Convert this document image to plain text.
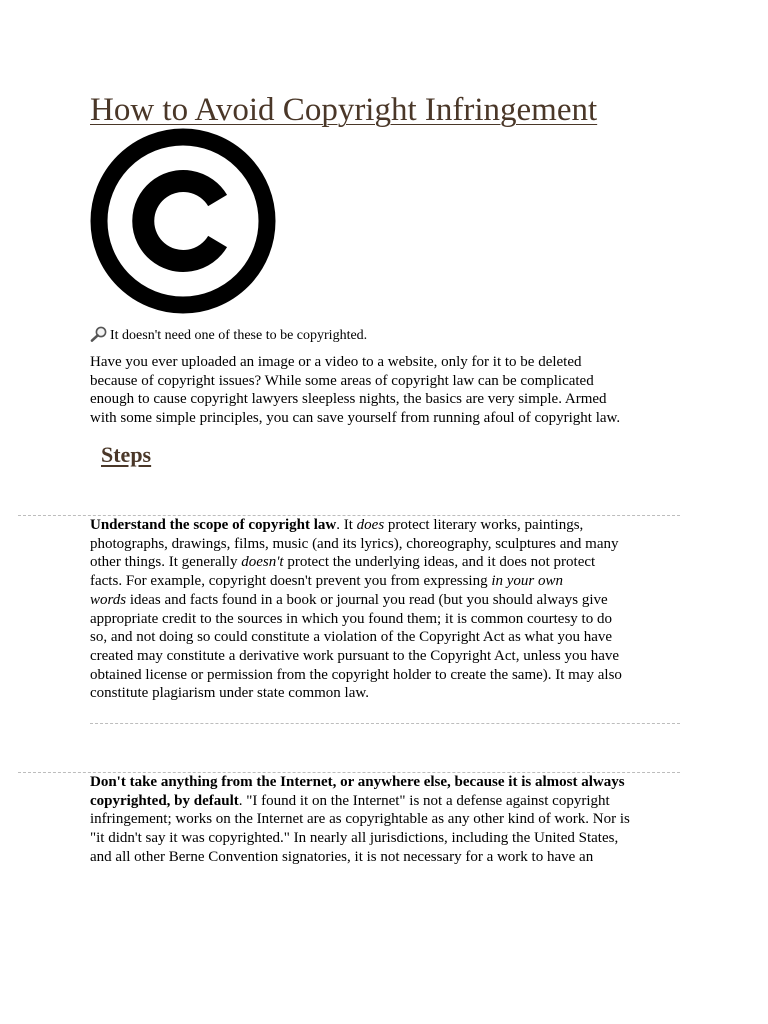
How to Avoid Copyright Infringement
It doesn't need one of these to be copyrighted.

Have you ever uploaded an image or a video to a website, only for it to be deleted
because of copyright issues? While some areas of copyright law can be complicated
enough to cause copyright lawyers sleepless nights, the basics are very simple. Armed
with some simple principles, you can save yourself from running afoul of copyright law.

Steps

Understand the scope of copyright law. It does protect literary works, paintings,
photographs, drawings, films, music (and its lyrics), choreography, sculptures and many
other things. It generally doesn't protect the underlying ideas, and it does not protect
facts. For example, copyright doesn't prevent you from expressing in your own
words ideas and facts found in a book or journal you read (but you should always give
appropriate credit to the sources in which you found them; it is common courtesy to do
so, and not doing so could constitute a violation of the Copyright Act as what you have
created may constitute a derivative work pursuant to the Copyright Act, unless you have
obtained license or permission from the copyright holder to create the same). It may also
constitute plagiarism under state common law.

Don't take anything from the Internet, or anywhere else, because it is almost always
copyrighted, by default. "I found it on the Internet" is not a defense against copyright
infringement; works on the Internet are as copyrightable as any other kind of work. Nor is
"it didn't say it was copyrighted." In nearly all jurisdictions, including the United States,
and all other Berne Convention signatories, it is not necessary for a work to have an
